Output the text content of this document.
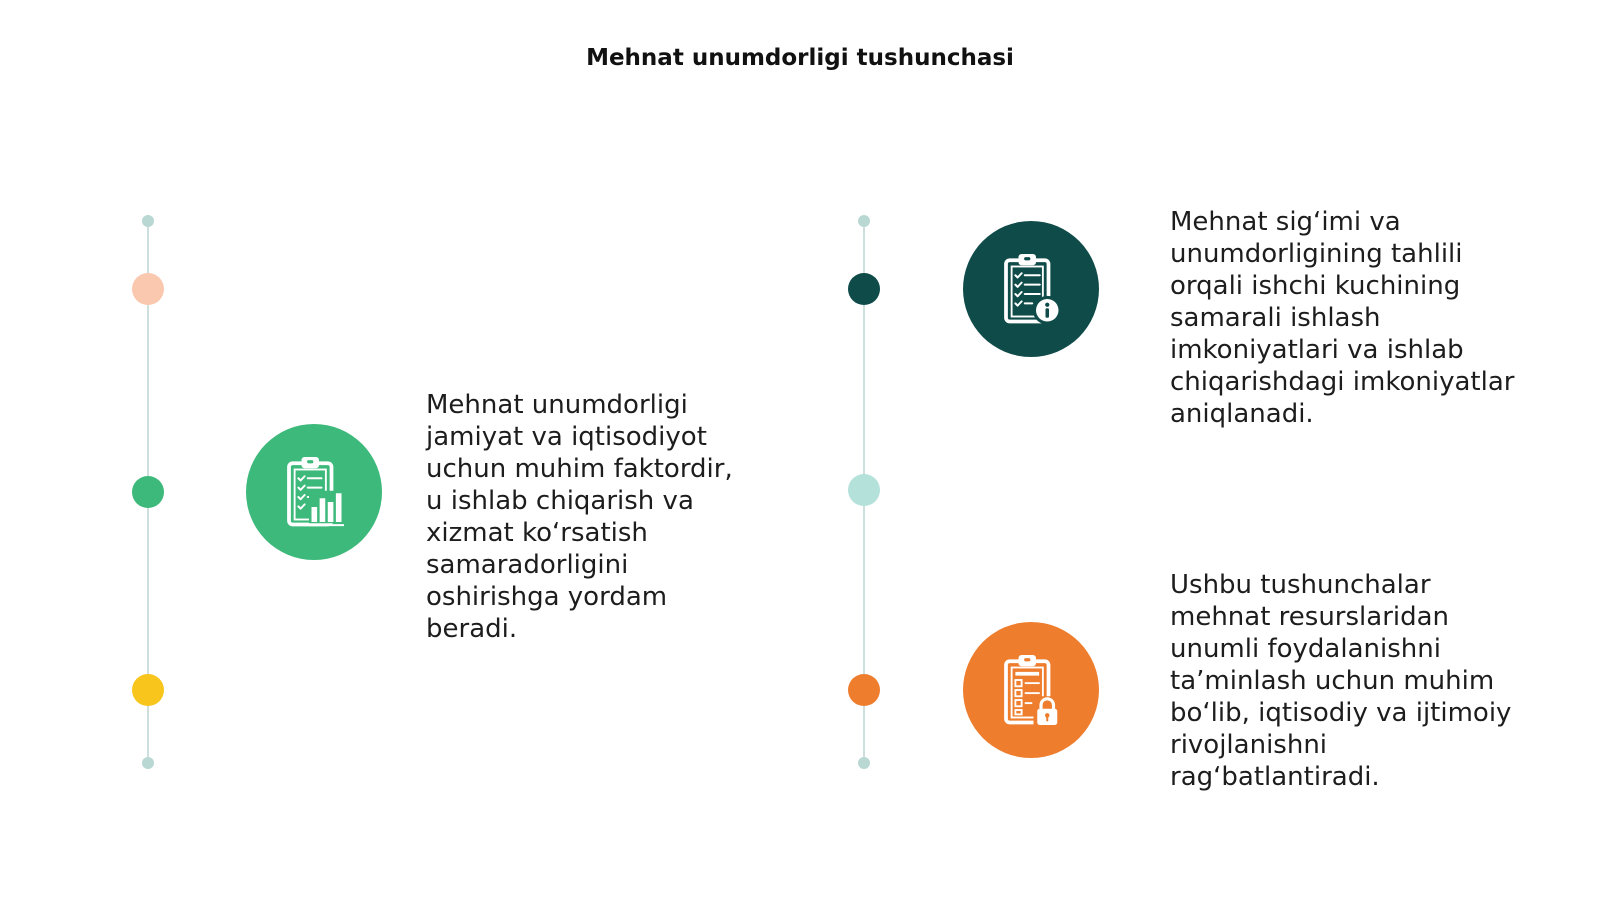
Mehnat unumdorligi tushunchasi
Mehnat unumdorligi
jamiyat va iqtisodiyot
uchun muhim faktordir,
u ishlab chiqarish va
xizmat ko‘rsatish
samaradorligini
oshirishga yordam
beradi.
Mehnat sig‘imi va
unumdorligining tahlili
orqali ishchi kuchining
samarali ishlash
imkoniyatlari va ishlab
chiqarishdagi imkoniyatlar
aniqlanadi.
Ushbu tushunchalar
mehnat resurslaridan
unumli foydalanishni
ta’minlash uchun muhim
bo‘lib, iqtisodiy va ijtimoiy
rivojlanishni
rag‘batlantiradi.
